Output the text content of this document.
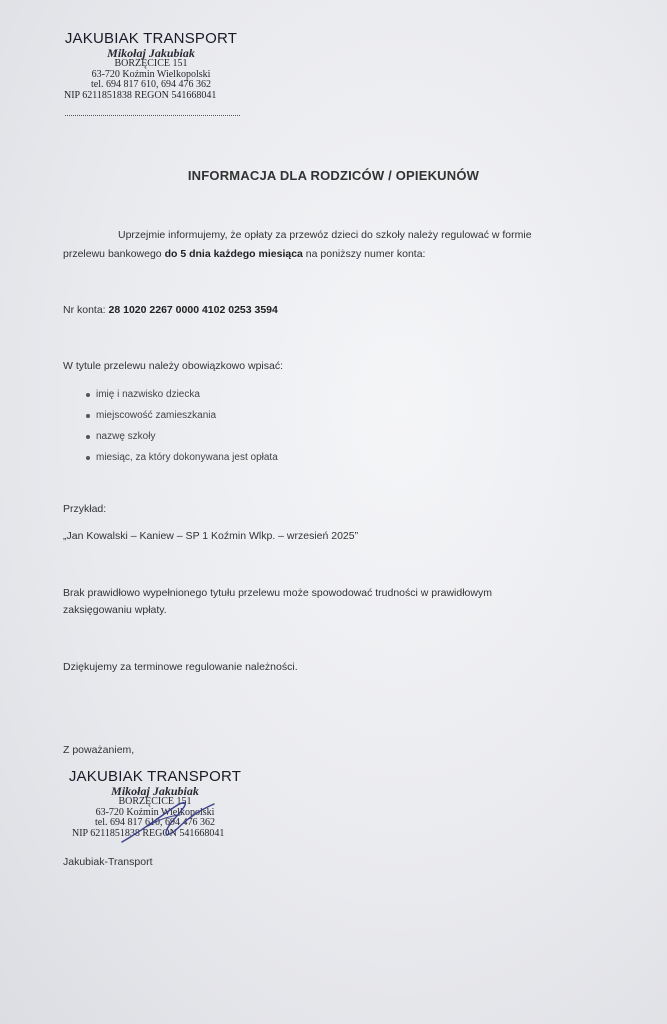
JAKUBIAK TRANSPORT
Mikołaj Jakubiak
BORZĘCICE 151
63-720 Koźmin Wielkopolski
tel. 694 817 610, 694 476 362
NIP 6211851838 REGON 541668041
INFORMACJA DLA RODZICÓW / OPIEKUNÓW
Uprzejmie informujemy, że opłaty za przewóz dzieci do szkoły należy regulować w formie
przelewu bankowego do 5 dnia każdego miesiąca na poniższy numer konta:
Nr konta: 28 1020 2267 0000 4102 0253 3594
W tytule przelewu należy obowiązkowo wpisać:
imię i nazwisko dziecka
miejscowość zamieszkania
nazwę szkoły
miesiąc, za który dokonywana jest opłata
Przykład:
„Jan Kowalski – Kaniew – SP 1 Koźmin Wlkp. – wrzesień 2025”
Brak prawidłowo wypełnionego tytułu przelewu może spowodować trudności w prawidłowym
zaksięgowaniu wpłaty.
Dziękujemy za terminowe regulowanie należności.
Z poważaniem,
JAKUBIAK TRANSPORT
Mikołaj Jakubiak
BORZĘCICE 151
63-720 Koźmin Wielkopolski
tel. 694 817 610, 694 476 362
NIP 6211851838 REGON 541668041
Jakubiak-Transport
